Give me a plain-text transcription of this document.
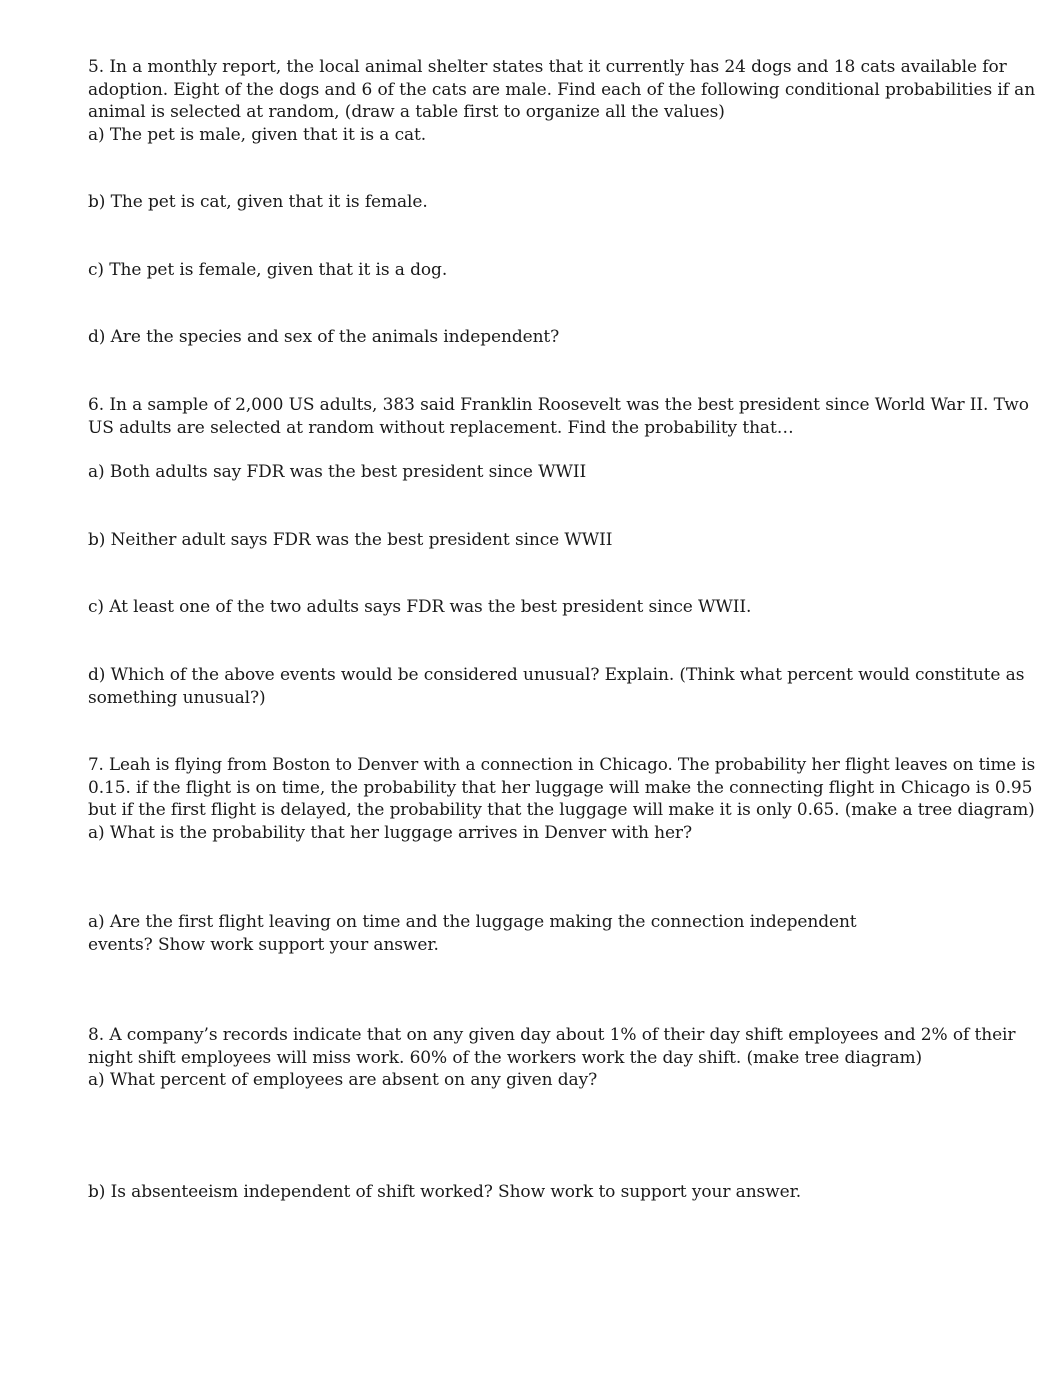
5. In a monthly report, the local animal shelter states that it currently has 24 dogs and 18 cats available for

adoption. Eight of the dogs and 6 of the cats are male. Find each of the following conditional probabilities if an

animal is selected at random, (draw a table first to organize all the values)

a) The pet is male, given that it is a cat.

b) The pet is cat, given that it is female.

c) The pet is female, given that it is a dog.

d) Are the species and sex of the animals independent?

6. In a sample of 2,000 US adults, 383 said Franklin Roosevelt was the best president since World War II. Two

US adults are selected at random without replacement. Find the probability that…

a) Both adults say FDR was the best president since WWII

b) Neither adult says FDR was the best president since WWII

c) At least one of the two adults says FDR was the best president since WWII.

d) Which of the above events would be considered unusual? Explain. (Think what percent would constitute as

something unusual?)

7. Leah is flying from Boston to Denver with a connection in Chicago. The probability her flight leaves on time is

0.15. if the flight is on time, the probability that her luggage will make the connecting flight in Chicago is 0.95

but if the first flight is delayed, the probability that the luggage will make it is only 0.65. (make a tree diagram)

a) What is the probability that her luggage arrives in Denver with her?

a) Are the first flight leaving on time and the luggage making the connection independent

events? Show work support your answer.

8. A company’s records indicate that on any given day about 1% of their day shift employees and 2% of their

night shift employees will miss work. 60% of the workers work the day shift. (make tree diagram)

a) What percent of employees are absent on any given day?

b) Is absenteeism independent of shift worked? Show work to support your answer.
